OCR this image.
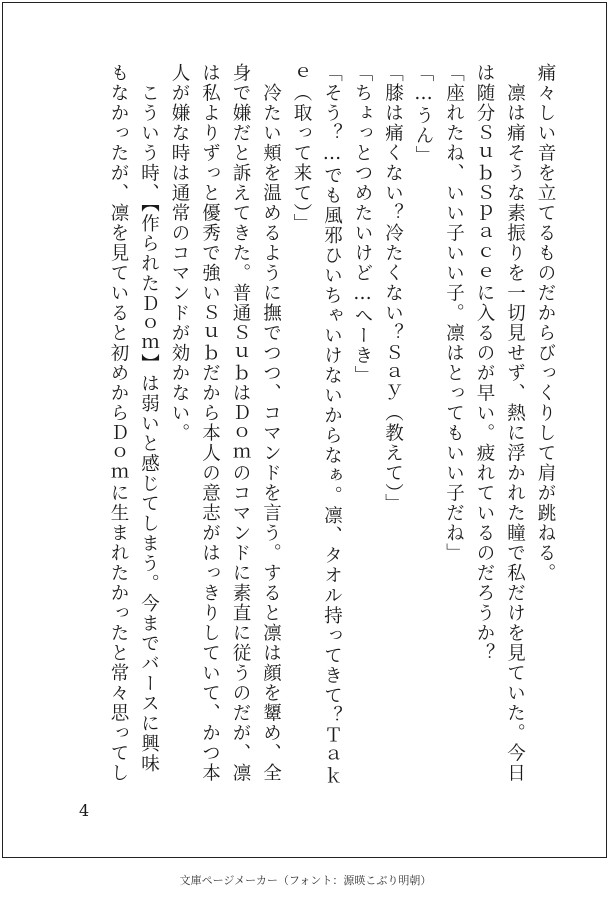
痛々しい音を立てるものだからびっくりして肩が跳ねる。
　凛は痛そうな素振りを一切見せず、熱に浮かれた瞳で私だけを見ていた。今日
は随分ＳｕｂＳｐａｃｅに入るのが早い。疲れているのだろうか？
「座れたね、いい子いい子。凛はとってもいい子だね」
「…うん」
「膝は痛くない？冷たくない？Ｓａｙ（教えて）」
「ちょっとつめたいけど…へーき」
「そう？…でも風邪ひいちゃいけないからなぁ。凛、タオル持ってきて？Ｔａｋ
ｅ（取って来て）」
　冷たい頬を温めるように撫でつつ、コマンドを言う。すると凛は顔を顰め、全
身で嫌だと訴えてきた。普通ＳｕｂはＤｏｍのコマンドに素直に従うのだが、凛
は私よりずっと優秀で強いＳｕｂだから本人の意志がはっきりしていて、かつ本
人が嫌な時は通常のコマンドが効かない。
　こういう時、【作られたＤｏｍ】は弱いと感じてしまう。今までバースに興味
もなかったが、凛を見ていると初めからＤｏｍに生まれたかったと常々思ってし
4
文庫ページメーカー（フォント：源暎こぶり明朝）
